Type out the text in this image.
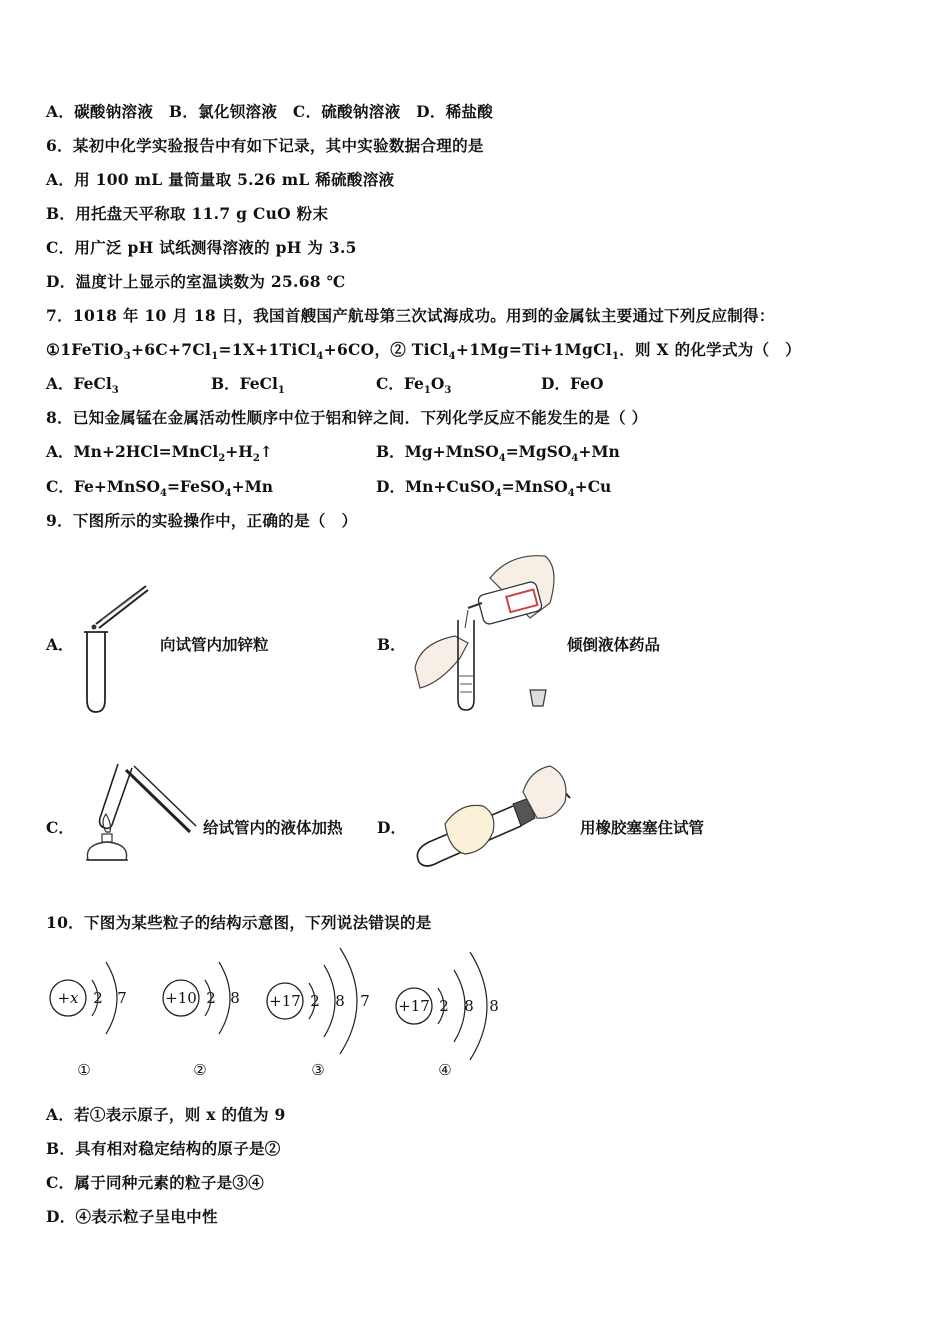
A．碳酸钠溶液　B．氯化钡溶液　C．硫酸钠溶液　D．稀盐酸
6．某初中化学实验报告中有如下记录，其中实验数据合理的是
A．用 100 mL 量筒量取 5.26 mL 稀硫酸溶液
B．用托盘天平称取 11.7 g CuO 粉末
C．用广泛 pH 试纸测得溶液的 pH 为 3.5
D．温度计上显示的室温读数为 25.68 ℃
7．1018 年 10 月 18 日，我国首艘国产航母第三次试海成功。用到的金属钛主要通过下列反应制得：
$①1FeTiO_3+6C+7Cl_1=1X+1TiCl_4+6CO$，② TiCl$_4$+1Mg=Ti+1MgCl$_1$．则 X 的化学式为（　）
A．FeCl$_3$	B．FeCl$_1$	C．$Fe_1O_3$	D．FeO
8．已知金属锰在金属活动性顺序中位于铝和锌之间．下列化学反应不能发生的是（ ）
A．$Mn+2HCl=MnCl_2+H_2↑$	B．Mg+MnSO$_4$=MgSO$_4$+Mn
C．Fe+MnSO$_4$=FeSO$_4$+Mn	D．Mn+CuSO$_4$=MnSO$_4$+Cu
9．下图所示的实验操作中，正确的是（　）
A．	向试管内加锌粒	B．	倾倒液体药品
C．	给试管内的液体加热 D．	用橡胶塞塞住试管
10．下图为某些粒子的结构示意图，下列说法错误的是
+x 2 7
①
+10 2 8
②
+17 2 8 7
③
+17 2 8 8
④
A．若①表示原子，则 x 的值为 9
B．具有相对稳定结构的原子是②
C．属于同种元素的粒子是③④
D．④表示粒子呈电中性
